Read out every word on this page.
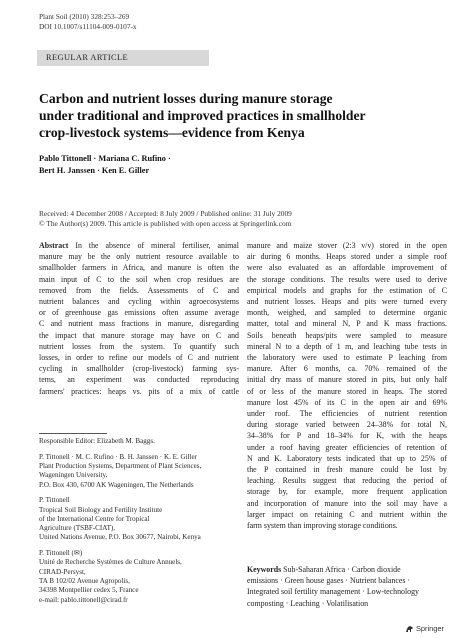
Plant Soil (2010) 328:253–269
DOI 10.1007/s11104-009-0107-x
REGULAR ARTICLE
Carbon and nutrient losses during manure storage
under traditional and improved practices in smallholder
crop-livestock systems—evidence from Kenya
Pablo Tittonell · Mariana C. Rufino ·
Bert H. Janssen · Ken E. Giller
Received: 4 December 2008 / Accepted: 8 July 2009 / Published online: 31 July 2009
© The Author(s) 2009. This article is published with open access at Springerlink.com
Abstract In the absence of mineral fertiliser, animal
manure may be the only nutrient resource available to
smallholder farmers in Africa, and manure is often the
main input of C to the soil when crop residues are
removed from the fields. Assessments of C and
nutrient balances and cycling within agroecosystems
or of greenhouse gas emissions often assume average
C and nutrient mass fractions in manure, disregarding
the impact that manure storage may have on C and
nutrient losses from the system. To quantify such
losses, in order to refine our models of C and nutrient
cycling in smallholder (crop-livestock) farming sys-
tems, an experiment was conducted reproducing
farmers' practices: heaps vs. pits of a mix of cattle
Responsible Editor: Elizabeth M. Baggs.
P. Tittonell · M. C. Rufino · B. H. Janssen · K. E. Giller
Plant Production Systems, Department of Plant Sciences,
Wageningen University,
P.O. Box 430, 6700 AK Wageningen, The Netherlands
P. Tittonell
Tropical Soil Biology and Fertility Institute
of the International Centre for Tropical
Agriculture (TSBF-CIAT),
United Nations Avenue, P.O. Box 30677, Nairobi, Kenya
P. Tittonell (✉)
Unité de Recherche Systèmes de Culture Annuels,
CIRAD-Persyst,
TA B 102/02 Avenue Agropolis,
34398 Montpellier cedex 5, France
e-mail: pablo.tittonell@cirad.fr
manure and maize stover (2:3 v/v) stored in the open
air during 6 months. Heaps stored under a simple roof
were also evaluated as an affordable improvement of
the storage conditions. The results were used to derive
empirical models and graphs for the estimation of C
and nutrient losses. Heaps and pits were turned every
month, weighed, and sampled to determine organic
matter, total and mineral N, P and K mass fractions.
Soils beneath heaps/pits were sampled to measure
mineral N to a depth of 1 m, and leaching tube tests in
the laboratory were used to estimate P leaching from
manure. After 6 months, ca. 70% remained of the
initial dry mass of manure stored in pits, but only half
of or less of the manure stored in heaps. The stored
manure lost 45% of its C in the open air and 69%
under roof. The efficiencies of nutrient retention
during storage varied between 24–38% for total N,
34–38% for P and 18–34% for K, with the heaps
under a roof having greater efficiencies of retention of
N and K. Laboratory tests indicated that up to 25% of
the P contained in fresh manure could be lost by
leaching. Results suggest that reducing the period of
storage by, for example, more frequent application
and incorporation of manure into the soil may have a
larger impact on retaining C and nutrient within the
farm system than improving storage conditions.
Keywords Sub-Saharan Africa · Carbon dioxide
emissions · Green house gases · Nutrient balances ·
Integrated soil fertility management · Low-technology
composting · Leaching · Volatilisation
Springer
